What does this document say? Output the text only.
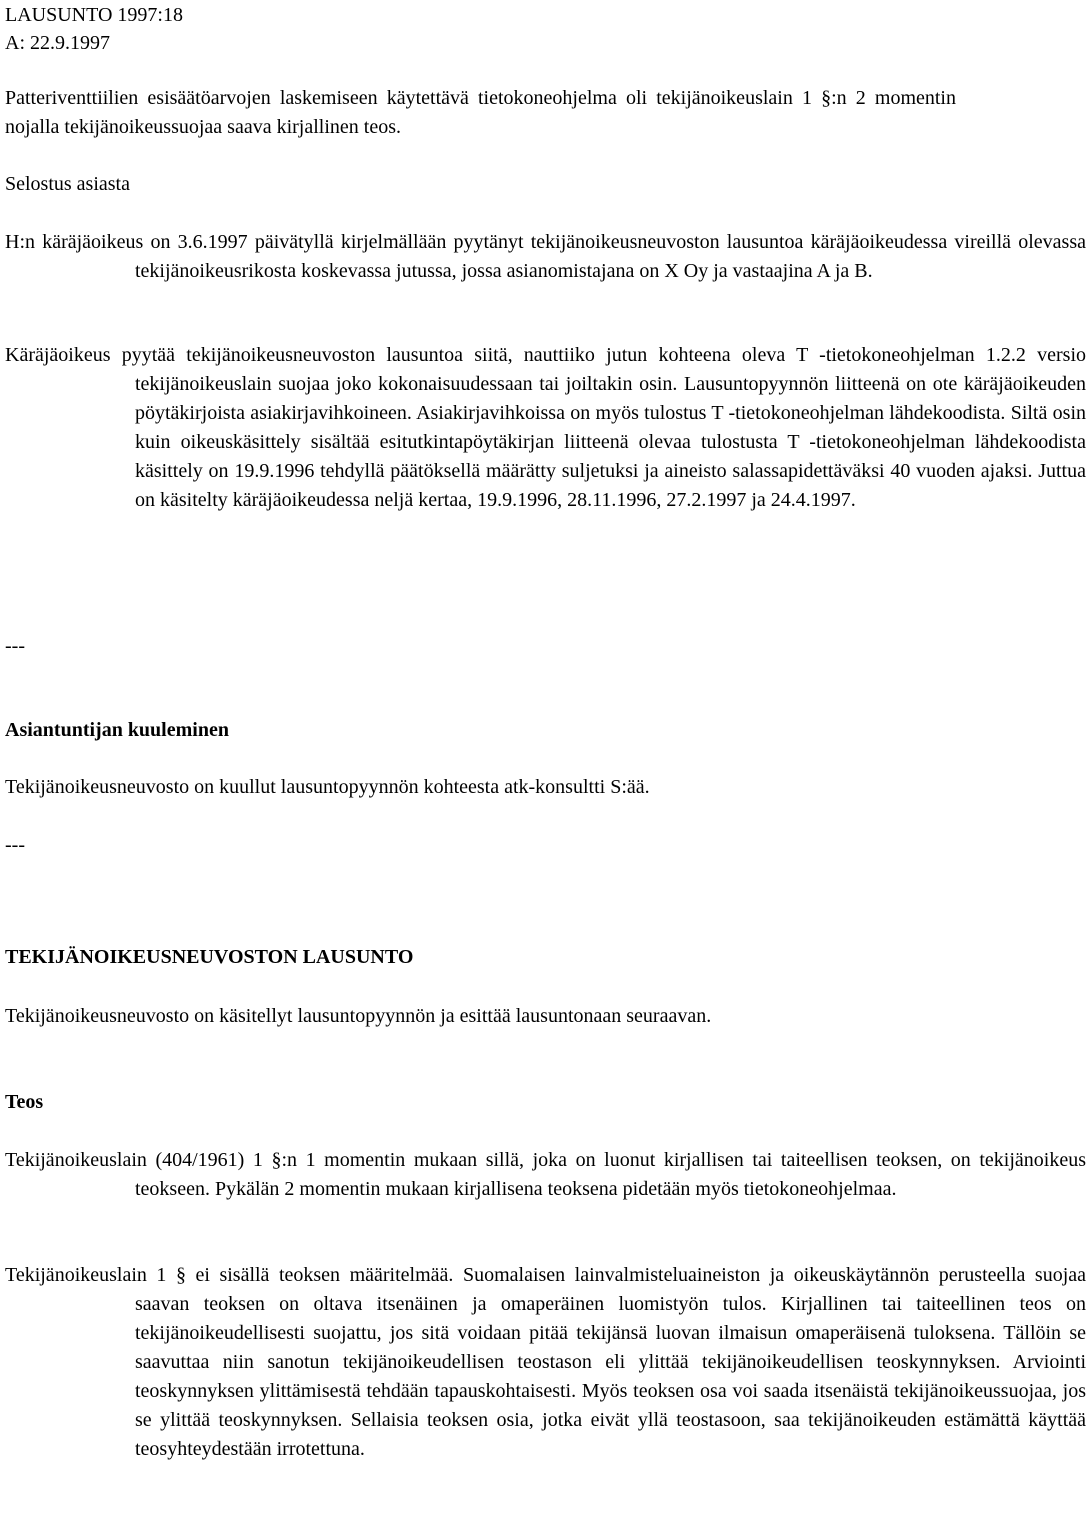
LAUSUNTO 1997:18
A: 22.9.1997

Patteriventtiilien esisäätöarvojen laskemiseen käytettävä tietokoneohjelma oli tekijänoikeuslain 1 §:n 2 momentin nojalla tekijänoikeussuojaa saava kirjallinen teos.

Selostus asiasta

H:n käräjäoikeus on 3.6.1997 päivätyllä kirjelmällään pyytänyt tekijänoikeusneuvoston lausuntoa käräjäoikeudessa vireillä olevassa tekijänoikeusrikosta koskevassa jutussa, jossa asianomistajana on X Oy ja vastaajina A ja B.

Käräjäoikeus pyytää tekijänoikeusneuvoston lausuntoa siitä, nauttiiko jutun kohteena oleva T -tietokoneohjelman 1.2.2 versio tekijänoikeuslain suojaa joko kokonaisuudessaan tai joiltakin osin. Lausuntopyynnön liitteenä on ote käräjäoikeuden pöytäkirjoista asiakirjavihkoineen. Asiakirjavihkoissa on myös tulostus T -tietokoneohjelman lähdekoodista. Siltä osin kuin oikeuskäsittely sisältää esitutkintapöytäkirjan liitteenä olevaa tulostusta T -tietokoneohjelman lähdekoodista käsittely on 19.9.1996 tehdyllä päätöksellä määrätty suljetuksi ja aineisto salassapidettäväksi 40 vuoden ajaksi. Juttua on käsitelty käräjäoikeudessa neljä kertaa, 19.9.1996, 28.11.1996, 27.2.1997 ja 24.4.1997.

---
Asiantuntijan kuuleminen

Tekijänoikeusneuvosto on kuullut lausuntopyynnön kohteesta atk-konsultti S:ää.

---
TEKIJÄNOIKEUSNEUVOSTON LAUSUNTO

Tekijänoikeusneuvosto on käsitellyt lausuntopyynnön ja esittää lausuntonaan seuraavan.

Teos

Tekijänoikeuslain (404/1961) 1 §:n 1 momentin mukaan sillä, joka on luonut kirjallisen tai taiteellisen teoksen, on tekijänoikeus teokseen. Pykälän 2 momentin mukaan kirjallisena teoksena pidetään myös tietokoneohjelmaa.

Tekijänoikeuslain 1 § ei sisällä teoksen määritelmää. Suomalaisen lainvalmisteluaineiston ja oikeuskäytännön perusteella suojaa saavan teoksen on oltava itsenäinen ja omaperäinen luomistyön tulos. Kirjallinen tai taiteellinen teos on tekijänoikeudellisesti suojattu, jos sitä voidaan pitää tekijänsä luovan ilmaisun omaperäisenä tuloksena. Tällöin se saavuttaa niin sanotun tekijänoikeudellisen teostason eli ylittää tekijänoikeudellisen teoskynnyksen. Arviointi teoskynnyksen ylittämisestä tehdään tapauskohtaisesti. Myös teoksen osa voi saada itsenäistä tekijänoikeussuojaa, jos se ylittää teoskynnyksen. Sellaisia teoksen osia, jotka eivät yllä teostasoon, saa tekijänoikeuden estämättä käyttää teosyhteydestään irrotettuna.
